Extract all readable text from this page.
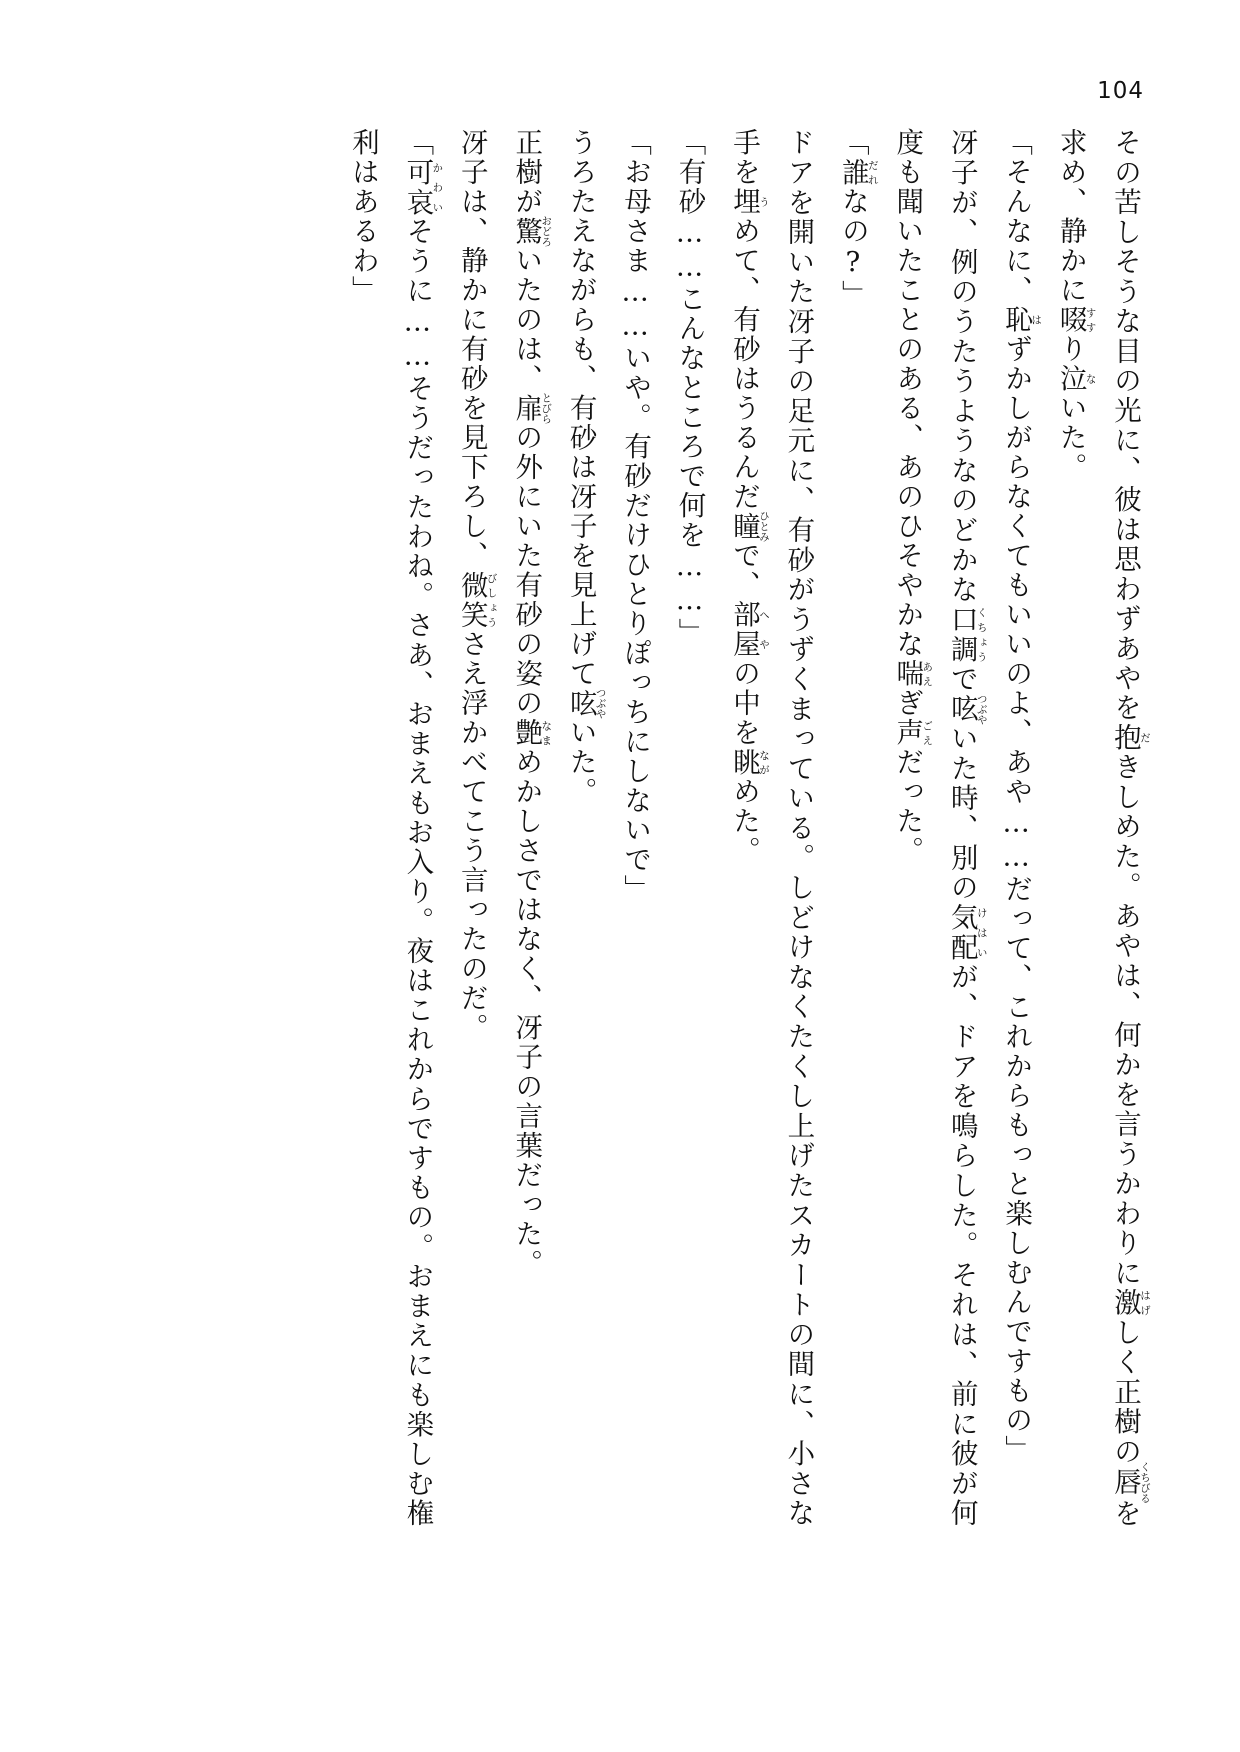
104

その苦しそうな目の光に、彼は思わずあやを抱だきしめた。あやは、何かを言うかわりに激はげしく正樹の唇くちびるを求め、静かに啜すすり泣ないた。

「そんなに、恥はずかしがらなくてもいいのよ、あや……だって、これからもっと楽しむんですもの」

冴子が、例のうたうようなのどかな口調くちょうで呟つぶやいた時、別の気配けはいが、ドアを鳴らした。それは、前に彼が何度も聞いたことのある、あのひそやかな喘あえぎ声ごえだった。

「誰だれなの?」

ドアを開いた冴子の足元に、有砂がうずくまっている。しどけなくたくし上げたスカートの間に、小さな手を埋うめて、有砂はうるんだ瞳ひとみで、部屋へやの中を眺ながめた。

「有砂……こんなところで何を……」

「お母さま……いや。有砂だけひとりぽっちにしないで」

うろたえながらも、有砂は冴子を見上げて呟つぶやいた。

正樹が驚おどろいたのは、扉とびらの外にいた有砂の姿の艶なまめかしさではなく、冴子の言葉だった。

冴子は、静かに有砂を見下ろし、微笑びしょうさえ浮かべてこう言ったのだ。

「可哀かわいそうに……そうだったわね。さあ、おまえもお入り。夜はこれからですもの。おまえにも楽しむ権利はあるわ」
